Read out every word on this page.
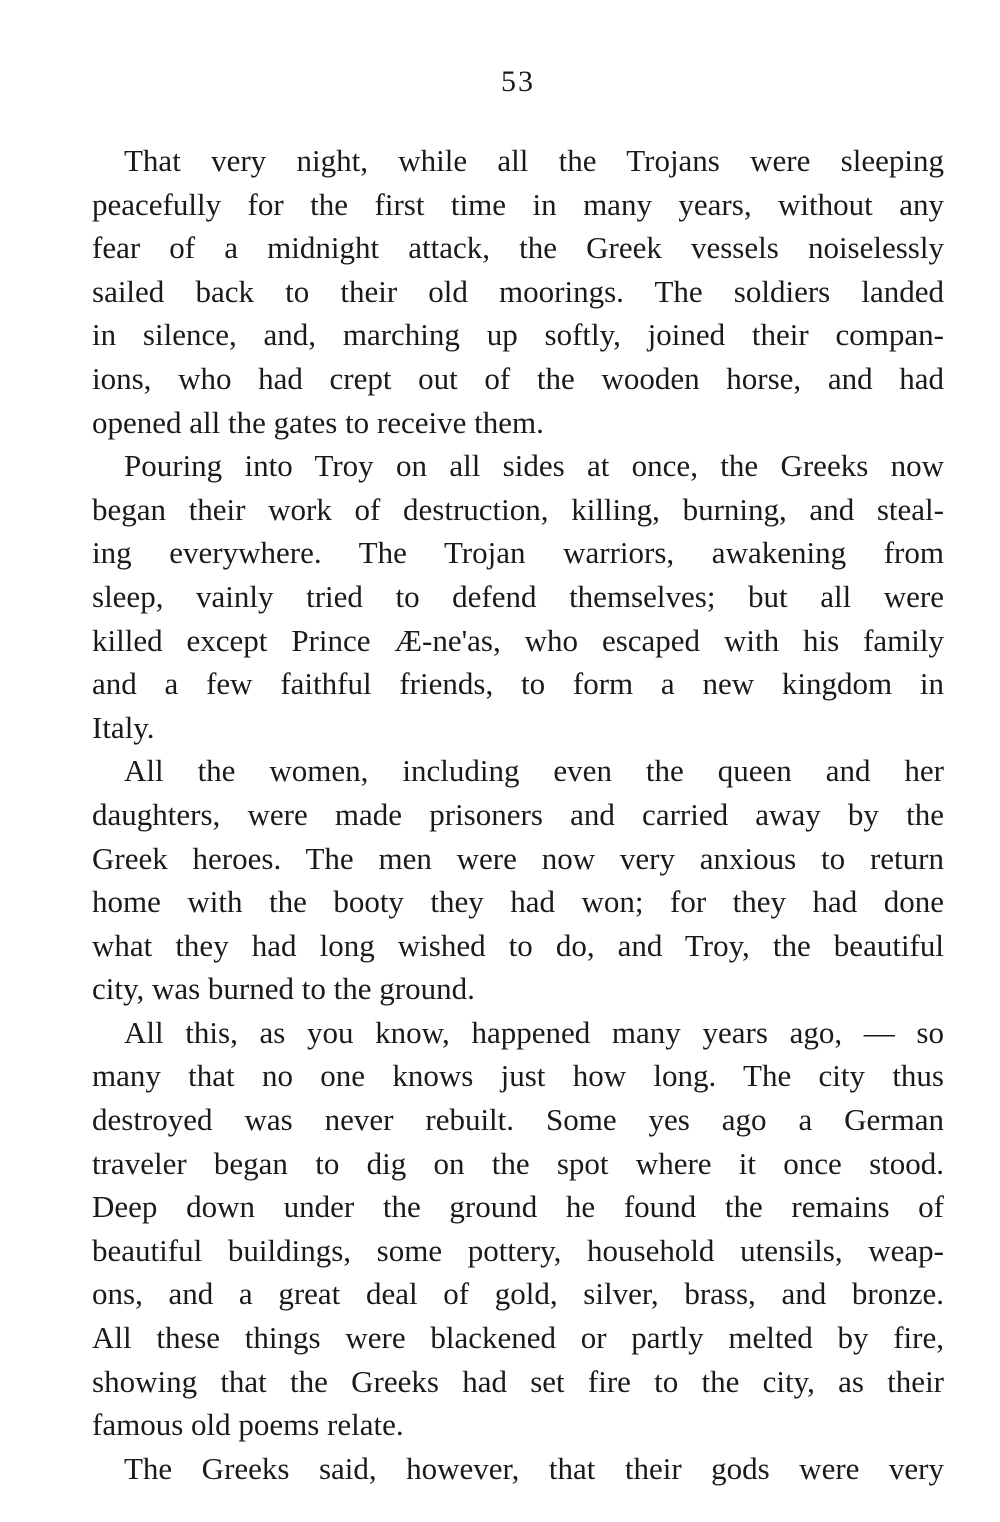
53
That very night, while all the Trojans were sleeping
peacefully for the first time in many years, without any
fear of a midnight attack, the Greek vessels noiselessly
sailed back to their old moorings. The soldiers landed
in silence, and, marching up softly, joined their compan-
ions, who had crept out of the wooden horse, and had
opened all the gates to receive them.
Pouring into Troy on all sides at once, the Greeks now
began their work of destruction, killing, burning, and steal-
ing everywhere. The Trojan warriors, awakening from
sleep, vainly tried to defend themselves; but all were
killed except Prince Æ-ne'as, who escaped with his family
and a few faithful friends, to form a new kingdom in
Italy.
All the women, including even the queen and her
daughters, were made prisoners and carried away by the
Greek heroes. The men were now very anxious to return
home with the booty they had won; for they had done
what they had long wished to do, and Troy, the beautiful
city, was burned to the ground.
All this, as you know, happened many years ago, — so
many that no one knows just how long. The city thus
destroyed was never rebuilt. Some yes ago a German
traveler began to dig on the spot where it once stood.
Deep down under the ground he found the remains of
beautiful buildings, some pottery, household utensils, weap-
ons, and a great deal of gold, silver, brass, and bronze.
All these things were blackened or partly melted by fire,
showing that the Greeks had set fire to the city, as their
famous old poems relate.
The Greeks said, however, that their gods were very
